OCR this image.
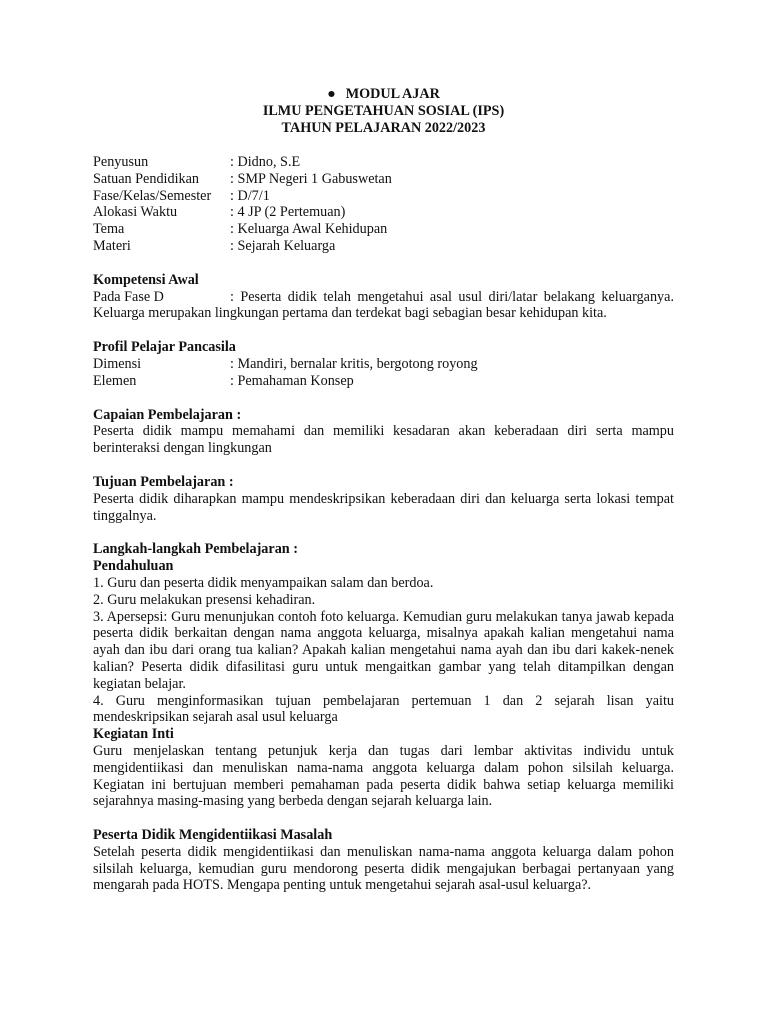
● MODUL AJAR
ILMU PENGETAHUAN SOSIAL (IPS)
TAHUN PELAJARAN 2022/2023
Penyusun	: Didno, S.E
Satuan Pendidikan	: SMP Negeri 1 Gabuswetan
Fase/Kelas/Semester	: D/7/1
Alokasi Waktu	: 4 JP (2 Pertemuan)
Tema	: Keluarga Awal Kehidupan
Materi	: Sejarah Keluarga
Kompetensi Awal

Pada Fase D	: Peserta didik telah mengetahui asal usul diri/latar belakang keluarganya. Keluarga merupakan lingkungan pertama dan terdekat bagi sebagian besar kehidupan kita.

Profil Pelajar Pancasila
Dimensi	: Mandiri, bernalar kritis, bergotong royong
Elemen	: Pemahaman Konsep
Capaian Pembelajaran :

Peserta didik mampu memahami dan memiliki kesadaran akan keberadaan diri serta mampu berinteraksi dengan lingkungan

Tujuan Pembelajaran :

Peserta didik diharapkan mampu mendeskripsikan keberadaan diri dan keluarga serta lokasi tempat tinggalnya.

Langkah-langkah Pembelajaran :
Pendahuluan

1. Guru dan peserta didik menyampaikan salam dan berdoa.

2. Guru melakukan presensi kehadiran.

3. Apersepsi: Guru menunjukan contoh foto keluarga. Kemudian guru melakukan tanya jawab kepada peserta didik berkaitan dengan nama anggota keluarga, misalnya apakah kalian mengetahui nama ayah dan ibu dari orang tua kalian? Apakah kalian mengetahui nama ayah dan ibu dari kakek-nenek kalian? Peserta didik difasilitasi guru untuk mengaitkan gambar yang telah ditampilkan dengan kegiatan belajar.

4. Guru menginformasikan tujuan pembelajaran pertemuan 1 dan 2 sejarah lisan yaitu mendeskripsikan sejarah asal usul keluarga

Kegiatan Inti

Guru menjelaskan tentang petunjuk kerja dan tugas dari lembar aktivitas individu untuk mengidentiikasi dan menuliskan nama-nama anggota keluarga dalam pohon silsilah keluarga. Kegiatan ini bertujuan memberi pemahaman pada peserta didik bahwa setiap keluarga memiliki sejarahnya masing-masing yang berbeda dengan sejarah keluarga lain.

Peserta Didik Mengidentiikasi Masalah

Setelah peserta didik mengidentiikasi dan menuliskan nama-nama anggota keluarga dalam pohon silsilah keluarga, kemudian guru mendorong peserta didik mengajukan berbagai pertanyaan yang mengarah pada HOTS. Mengapa penting untuk mengetahui sejarah asal-usul keluarga?.
